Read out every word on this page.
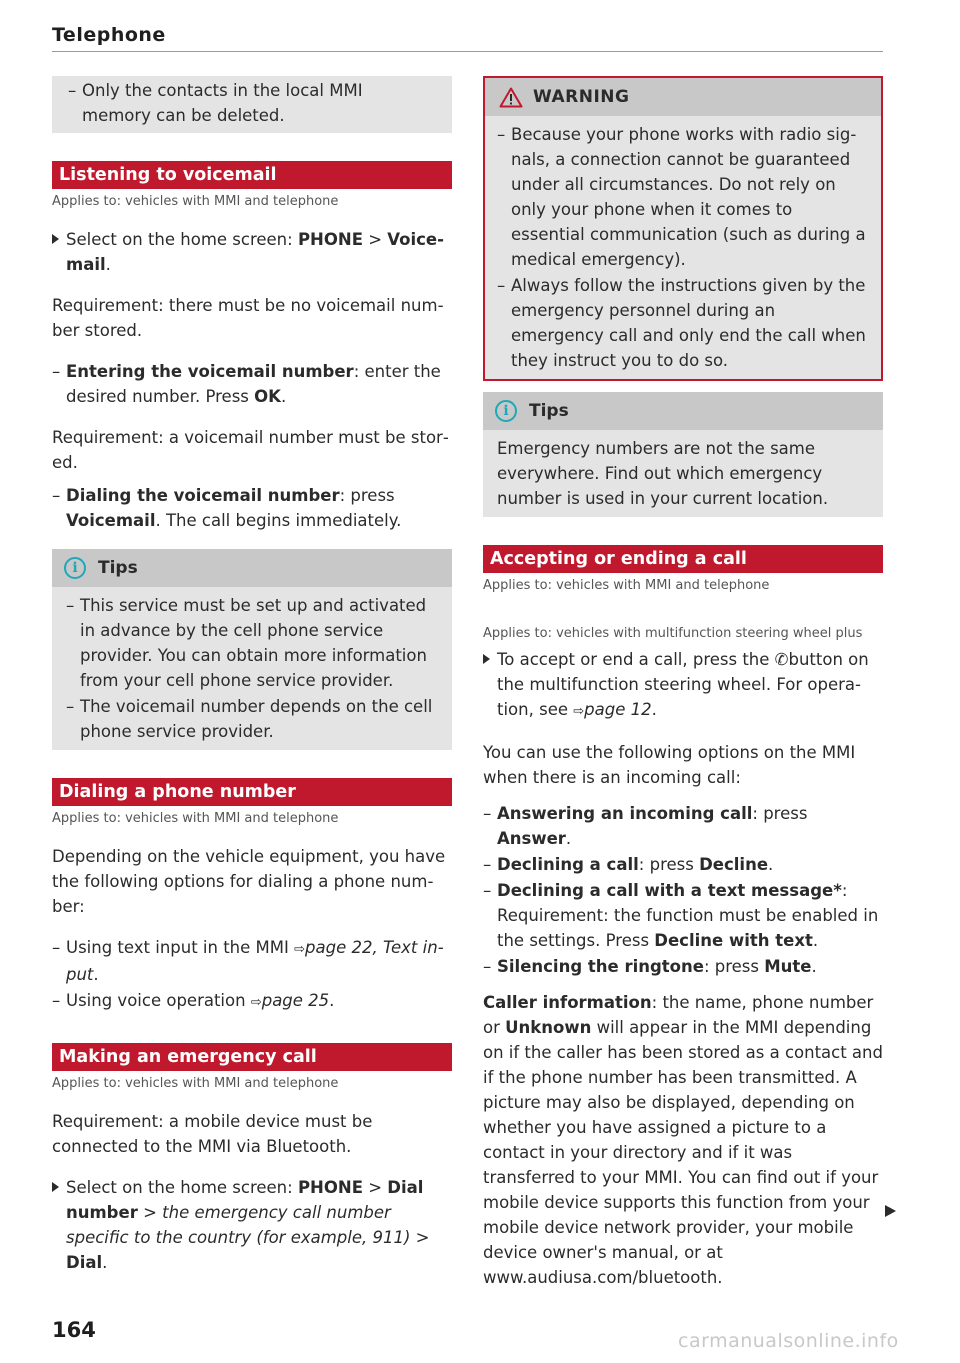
Telephone
– Only the contacts in the local MMI memory can be deleted.
Listening to voicemail
Applies to: vehicles with MMI and telephone
Select on the home screen: PHONE > Voicemail.

Requirement: there must be no voicemail number stored.

– Entering the voicemail number: enter the desired number. Press OK.

Requirement: a voicemail number must be stored.

– Dialing the voicemail number: press Voicemail. The call begins immediately.
i	Tips
– This service must be set up and activated in advance by the cell phone service provider. You can obtain more information from your cell phone service provider.
– The voicemail number depends on the cell phone service provider.
Dialing a phone number
Applies to: vehicles with MMI and telephone

Depending on the vehicle equipment, you have the following options for dialing a phone number:

– Using text input in the MMI ⇨page 22, Text input.
– Using voice operation ⇨page 25.
Making an emergency call
Applies to: vehicles with MMI and telephone

Requirement: a mobile device must be connected to the MMI via Bluetooth.

Select on the home screen: PHONE > Dial number > the emergency call number specific to the country (for example, 911) > Dial.
WARNING
– Because your phone works with radio signals, a connection cannot be guaranteed under all circumstances. Do not rely on only your phone when it comes to essential communication (such as during a medical emergency).
– Always follow the instructions given by the emergency personnel during an emergency call and only end the call when they instruct you to do so.
i	Tips

Emergency numbers are not the same everywhere. Find out which emergency number is used in your current location.

Accepting or ending a call
Applies to: vehicles with MMI and telephone
Applies to: vehicles with multifunction steering wheel plus
To accept or end a call, press the ✆button on the multifunction steering wheel. For operation, see ⇨page 12.

You can use the following options on the MMI when there is an incoming call:

– Answering an incoming call: press Answer.
– Declining a call: press Decline.
– Declining a call with a text message*: Requirement: the function must be enabled in the settings. Press Decline with text.
– Silencing the ringtone: press Mute.

Caller information: the name, phone number or Unknown will appear in the MMI depending on if the caller has been stored as a contact and if the phone number has been transmitted. A picture may also be displayed, depending on whether you have assigned a picture to a contact in your directory and if it was transferred to your MMI. You can find out if your mobile device supports this function from your mobile device network provider, your mobile device owner's manual, or at www.audiusa.com/bluetooth.

164	carmanualsonline.info
